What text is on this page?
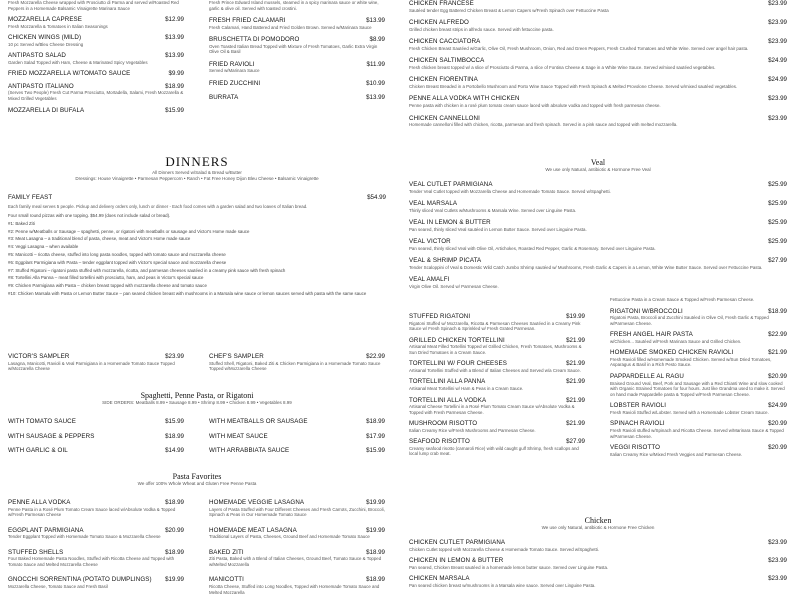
Fresh Mozzarella Cheese wrapped with Prosciutto di Parma and served w/Roasted Red Peppers in a Homemade Balsamic Vinaigrette Marinara Sauce
MOZZARELLA CAPRESE	$12.99
Fresh Mozzarella & Tomatoes in Italian Seasonings
CHICKEN WINGS (MILD)	$13.99
10 pc Served w/Bleu Cheese Dressing
ANTIPASTO SALAD	$13.99
Garden Salad Topped with Ham, Cheese & Marinated Spicy Vegetables
FRIED MOZZARELLA W/TOMATO SAUCE	$9.99
ANTIPASTO ITALIANO	$18.99
(Serves Two People) Fresh Cut Parma Prosciutto, Mortadella, Salami, Fresh Mozzarella & Mixed Grilled Vegetables
MOZZARELLA DI BUFALA	$15.99
Fresh Prince Edward Island mussels, steamed in a spicy marinara sauce or white wine, garlic & olive oil. Served with toasted crostini.
FRESH FRIED CALAMARI	$13.99
Fresh Calamari, Hand Battered and Fried Golden Brown. Served w/Marinara Sauce
BRUSCHETTA DI POMODORO	$8.99
Oven Toasted Italian Bread Topped with Mixture of Fresh Tomatoes, Garlic Extra Virgin Olive Oil & Basil
FRIED RAVIOLI	$11.99
Served w/Marinara Sauce
FRIED ZUCCHINI	$10.99
BURRATA	$13.99
DINNERS
All Dinners Served w/Salad & Bread w/Butter
Dressings: House Vinaigrette • Parmesan Peppercorn • Ranch • Fat Free Honey Dijon Bleu Cheese • Balsamic Vinaigrette
FAMILY FEAST	$54.99
Each family meal serves 5 people. Pickup and delivery orders only, lunch or dinner - Each food comes with a garden salad and two loaves of Italian bread.
Four small round pizzas with one topping. $54.99 (does not include salad or bread).
#1: Baked Ziti
#2: Penne w/Meatballs or Sausage – spaghetti, penne, or rigatoni with meatballs or sausage and Victor's Home made sauce
#3: Meat Lasagna – a traditional blend of pasta, cheese, meat and Victor's Home made sauce
#4: Veggi Lasagna – when available
#5: Manicotti – ricotta cheese, stuffed into long pasta noodles, topped with tomato sauce and mozzarella cheese
#6: Eggplant Parmigiana with Pasta – tender eggplant topped with Victor's special sauce and mozzarella cheese
#7: Stuffed Rigatoni – rigatoni pasta stuffed with mozzarella, ricotta, and parmesan cheeses sautéed in a creamy pink sauce with fresh spinach
#8: Tortellini Alla Panna – meat filled tortellini with prosciutto, ham, and peas in Victor's special sauce
#9: Chicken Parmigiana with Pasta – chicken breast topped with mozzarella cheese and tomato sauce
#10: Chicken Marsala with Pasta or Lemon Butter Sauce – pan seared chicken breast with mushrooms in a Marsala wine sauce or lemon sauces served with pasta with the same sauce
VICTOR'S SAMPLER	$23.99
Lasagna, Manicotti, Ravioli & Veal Parmigiana in a Homemade Tomato Sauce Topped w/Mozzarella Cheese
CHEF'S SAMPLER	$22.99
Stuffed Shell, Rigatoni, Baked Ziti & Chicken Parmigiana in a Homemade Tomato Sauce Topped w/Mozzarella Cheese
Spaghetti, Penne Pasta, or Rigatoni
SIDE ORDERS: Meatballs 8.99 • Sausage 8.99 • Shrimp 8.99 • Chicken 8.99 • Vegetables 8.99
WITH TOMATO SAUCE	$15.99
WITH SAUSAGE & PEPPERS	$18.99
WITH GARLIC & OIL	$14.99
WITH MEATBALLS OR SAUSAGE	$18.99
WITH MEAT SAUCE	$17.99
WITH ARRABBIATA SAUCE	$15.99
Pasta Favorites
We offer 100% Whole Wheat and Gluten Free Penne Pasta
PENNE ALLA VODKA	$18.99
Penne Pasta in a Rosé Plum Tomato Cream Sauce laced w/Absolute Vodka & Topped w/Fresh Parmesan Cheese
EGGPLANT PARMIGIANA	$20.99
Tender Eggplant Topped with Homemade Tomato Sauce & Mozzarella Cheese
STUFFED SHELLS	$18.99
Four Baked Homemade Pasta Noodles, Stuffed with Ricotta Cheese and Topped with Tomato Sauce and Melted Mozzarella Cheese
GNOCCHI SORRENTINA (POTATO DUMPLINGS)	$19.99
Mozzarella Cheese, Tomato Sauce and Fresh Basil
HOMEMADE VEGGIE LASAGNA	$19.99
Layers of Pasta Stuffed with Four Different Cheeses and Fresh Carrots, Zucchini, Broccoli, Spinach & Peas in Our Homemade Tomato Sauce
HOMEMADE MEAT LASAGNA	$19.99
Traditional Layers of Pasta, Cheeses, Ground Beef and Homemade Tomato Sauce
BAKED ZITI	$18.99
Ziti Pasta, Baked with a Blend of Italian Cheeses, Ground Beef, Tomato Sauce & Topped w/Melted Mozzarella
MANICOTTI	$18.99
Ricotta Cheese, Stuffed into Long Noodles, Topped with Homemade Tomato Sauce and Melted Mozzarella
CHICKEN FRANCESE	$23.99
Sautéed tender Egg Battered Chicken Breast & Lemon Capers w/Fresh Spinach over Fettuccine Pasta
CHICKEN ALFREDO	$23.99
Grilled chicken breast strips in alfredo sauce. Served with fettuccine pasta.
CHICKEN CACCIATORA	$23.99
Fresh Chicken Breast Sautéed w/Garlic, Olive Oil, Fresh Mushroom, Onion, Red and Green Peppers, Fresh Crushed Tomatoes and White Wine. Served over angel hair pasta.
CHICKEN SALTIMBOCCA	$24.99
Fresh chicken breast topped w/ a slice of Prosciutto di Parma, a slice of Fontina Cheese & Sage in a White Wine Sauce. Served w/mixed sautéed vegetables.
CHICKEN FIORENTINA	$24.99
Chicken Breast Breaded in a Portobello Mushroom and Porto Wine Sauce Topped with Fresh Spinach & Melted Provolone Cheese. Served w/mixed sautéed vegetables.
PENNE ALLA VODKA WITH CHICKEN	$23.99
Penne pasta with chicken in a rosé plum tomato cream sauce laced with absolute vodka and topped with fresh parmesan cheese.
CHICKEN CANNELLONI	$23.99
Homemade cannelloni filled with chicken, ricotta, parmesan and fresh spinach. Served in a pink sauce and topped with melted mozzarella.
Veal
We use only Natural, antibiotic & Hormone Free Veal
VEAL CUTLET PARMIGIANA	$25.99
Tender Veal Cutlet topped with Mozzarella Cheese and Homemade Tomato Sauce. Served w/Spaghetti.
VEAL MARSALA	$25.99
Thinly sliced Veal Cutlets w/Mushrooms & Marsala Wine. Served over Linguine Pasta.
VEAL IN LEMON & BUTTER	$25.99
Pan seared, thinly sliced Veal sautéed in Lemon Butter Sauce. Served over Linguine Pasta.
VEAL VICTOR	$25.99
Pan seared, thinly sliced Veal with Olive Oil, Artichokes, Roasted Red Pepper, Garlic & Rosemary. Served over Linguine Pasta.
VEAL & SHRIMP PICATA	$27.99
Tender Scaloppini of Veal & Domestic Wild Catch Jumbo Shrimp sautéed w/ Mushrooms, Fresh Garlic & Capers in a Lemon, White Wine Butter Sauce. Served over Fettuccine Pasta.
VEAL AMALFI
Virgin Olive Oil. Served w/ Parmesan Cheese.
STUFFED RIGATONI	$19.99
Rigatoni Stuffed w/ Mozzarella, Ricotta & Parmesan Cheeses Sautéed in a Creamy Pink Sauce w/ Fresh Spinach & Sprinkled w/ Fresh Grated Parmesan.
GRILLED CHICKEN TORTELLINI	$21.99
Artisanal Meat Filled Tortellini Topped w/ Grilled Chicken, Fresh Tomatoes, Mushrooms & Sun Dried Tomatoes in a Cream Sauce.
TORTELLINI W/ FOUR CHEESES	$21.99
Artisanal Tortellini Stuffed with a Blend of Italian Cheeses and Served w/a Cream Sauce.
TORTELLINI ALLA PANNA	$21.99
Artisanal Meat Tortellini w/ Ham & Peas in a Cream Sauce.
TORTELLINI ALLA VODKA	$21.99
Artisanal Cheese Tortellini in a Rosé Plum Tomato Cream Sauce w/Absolute Vodka & Topped with Fresh Parmesan Cheese.
MUSHROOM RISOTTO	$21.99
Italian Creamy Rice w/Fresh Mushrooms and Parmesan Cheese.
SEAFOOD RISOTTO	$27.99
Creamy seafood risotto (carnaroli Rice) with wild caught gulf Shrimp, fresh scallops and local lump crab meat.
Fettuccine Pasta in a Cream Sauce & Topped w/Fresh Parmesan Cheese.
RIGATONI W/BROCCOLI	$18.99
Rigatoni Pasta, Broccoli and Zucchini Sautéed in Olive Oil, Fresh Garlic & Topped w/Parmesan Cheese.
FRESH ANGEL HAIR PASTA	$22.99
w/Chicken... Sautéed w/Fresh Marinara Sauce and Grilled Chicken.
HOMEMADE SMOKED CHICKEN RAVIOLI	$21.99
Fresh Ravioli filled w/Homemade Smoked Chicken. Served w/Sun Dried Tomatoes, Asparagus & Basil in a Rich Pesto Sauce.
PAPPARDELLE AL RAGU	$20.99
Braised Ground Veal, Beef, Pork and Sausage with a Red Chianti Wine and slow cooked with Organic Strained Tomatoes for four hours. Just like Grandma used to make it. Served on hand made Pappardelle pasta & Topped w/Fresh Parmesan Cheese.
LOBSTER RAVIOLI	$24.99
Fresh Ravioli Stuffed w/Lobster. Served with a Homemade Lobster Cream Sauce.
SPINACH RAVIOLI	$20.99
Fresh Ravioli stuffed w/Spinach and Ricotta Cheese. Served w/Marinara Sauce & Topped w/Parmesan Cheese.
VEGGI RISOTTO	$20.99
Italian Creamy Rice w/Mixed Fresh Veggies and Parmesan Cheese.
Chicken
We use only Natural, antibiotic & Hormone Free Chicken
CHICKEN CUTLET PARMIGIANA	$23.99
Chicken Cutlet topped with Mozzarella Cheese & Homemade Tomato Sauce. Served w/Spaghetti.
CHICKEN IN LEMON & BUTTER	$23.99
Pan seared, Chicken Breast sautéed in a homemade lemon butter sauce. Served over Linguine Pasta.
CHICKEN MARSALA	$23.99
Pan seared chicken breast w/mushrooms in a Marsala wine sauce. Served over Linguine Pasta.
